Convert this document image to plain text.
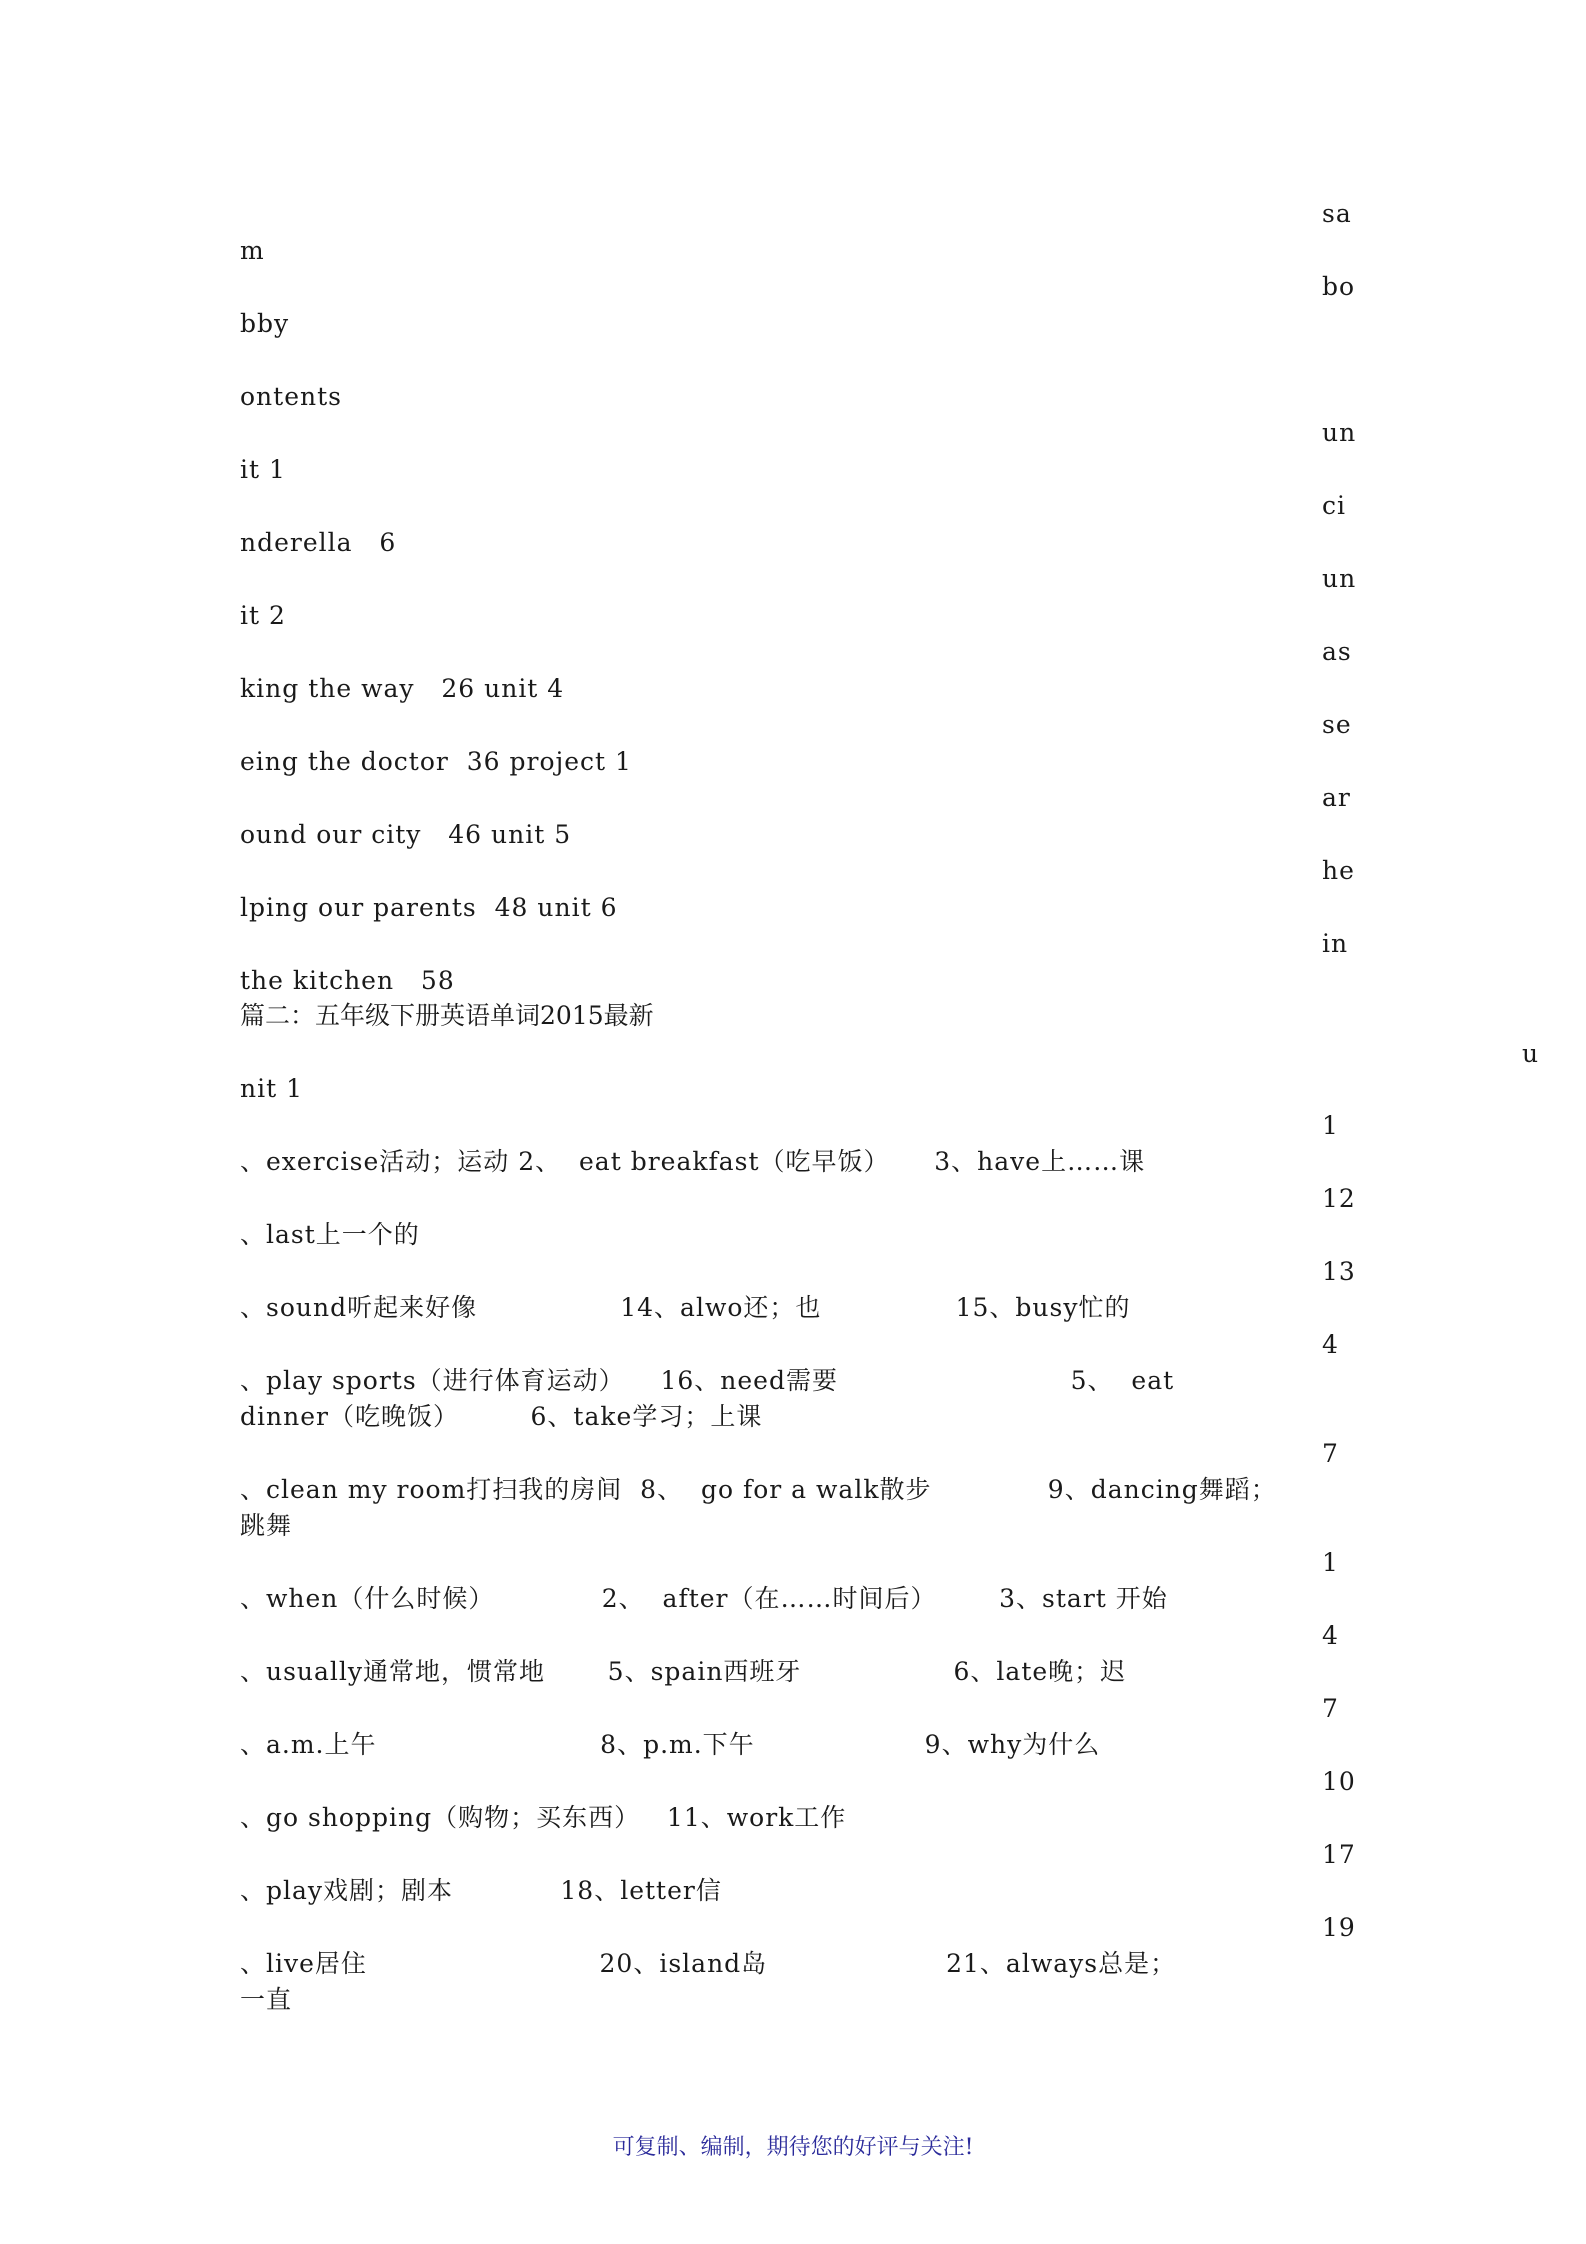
m
bby
ontents
it 1
nderella   6
it 2
king the way   26 unit 4
eing the doctor  36 project 1
ound our city   46 unit 5
lping our parents  48 unit 6
the kitchen   58
sa
bo
un
ci
un
as
se
ar
he
in
u
篇二：五年级下册英语单词2015最新
nit 1
、exercise活动；运动 2、  eat breakfast（吃早饭）     3、have上……课
、last上一个的
、sound听起来好像                14、alwo还；也               15、busy忙的
、play sports（进行体育运动）    16、need需要                          5、  eat
dinner（吃晚饭）        6、take学习；上课
、clean my room打扫我的房间  8、  go for a walk散步             9、dancing舞蹈；
跳舞
、when（什么时候）            2、  after（在……时间后）       3、start 开始
、usually通常地，惯常地       5、spain西班牙                 6、late晚；迟
、a.m.上午                         8、p.m.下午                   9、why为什么
、go shopping（购物；买东西）   11、work工作
、play戏剧；剧本            18、letter信
、live居住                          20、island岛                    21、always总是；
一直
1
12
13
4
7
1
4
7
10
17
19
可复制、编制，期待您的好评与关注!
